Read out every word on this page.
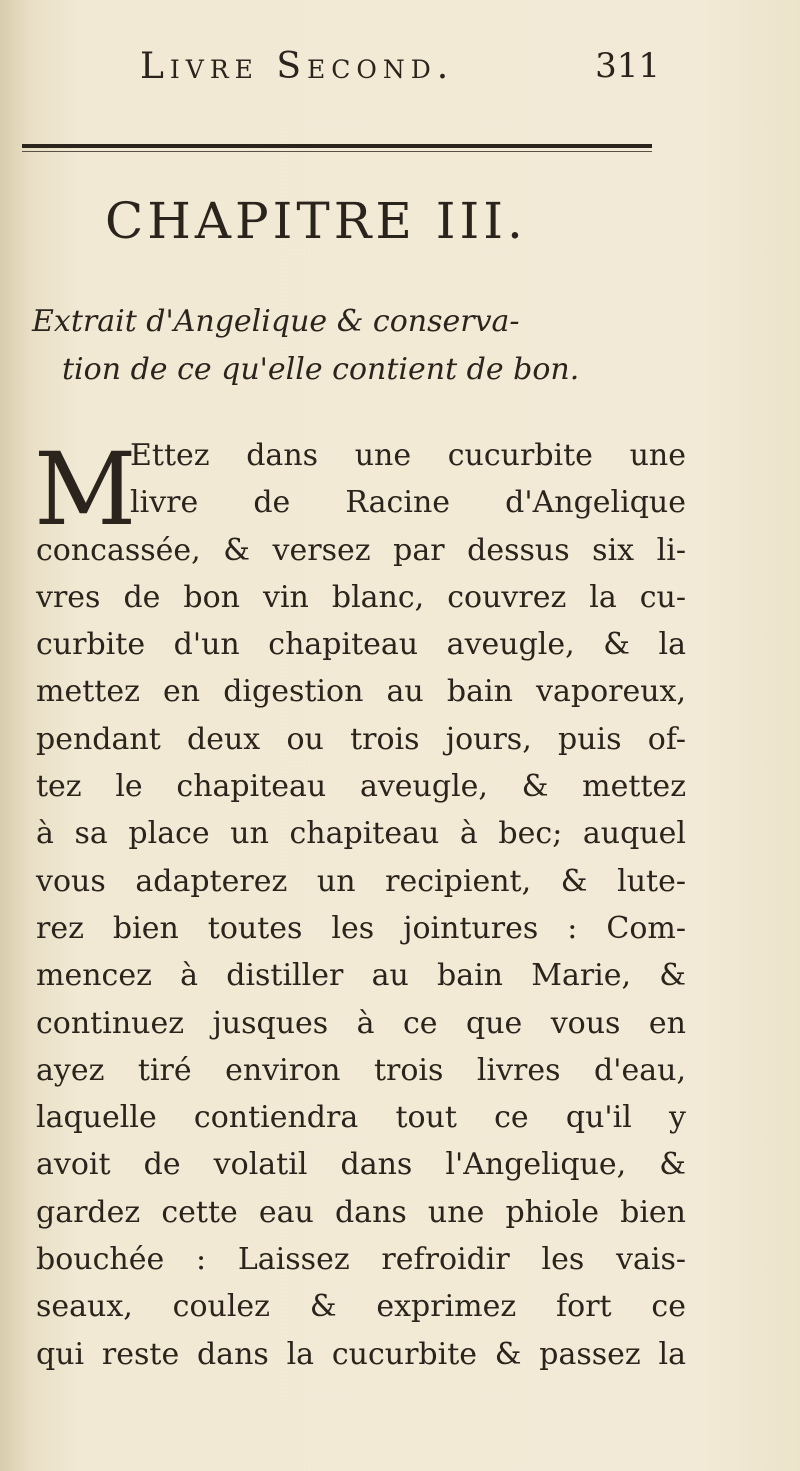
Livre Second.	311
CHAPITRE III.
Extrait d'Angelique & conserva-
tion de ce qu'elle contient de bon.
M
Ettez dans une cucurbite une
livre de Racine d'Angelique
concassée, & versez par dessus six li-
vres de bon vin blanc, couvrez la cu-
curbite d'un chapiteau aveugle, & la
mettez en digestion au bain vaporeux,
pendant deux ou trois jours, puis of-
tez le chapiteau aveugle, & mettez
à sa place un chapiteau à bec; auquel
vous adapterez un recipient, & lute-
rez bien toutes les jointures : Com-
mencez à distiller au bain Marie, &
continuez jusques à ce que vous en
ayez tiré environ trois livres d'eau,
laquelle contiendra tout ce qu'il y
avoit de volatil dans l'Angelique, &
gardez cette eau dans une phiole bien
bouchée : Laissez refroidir les vais-
seaux, coulez & exprimez fort ce
qui reste dans la cucurbite & passez la
